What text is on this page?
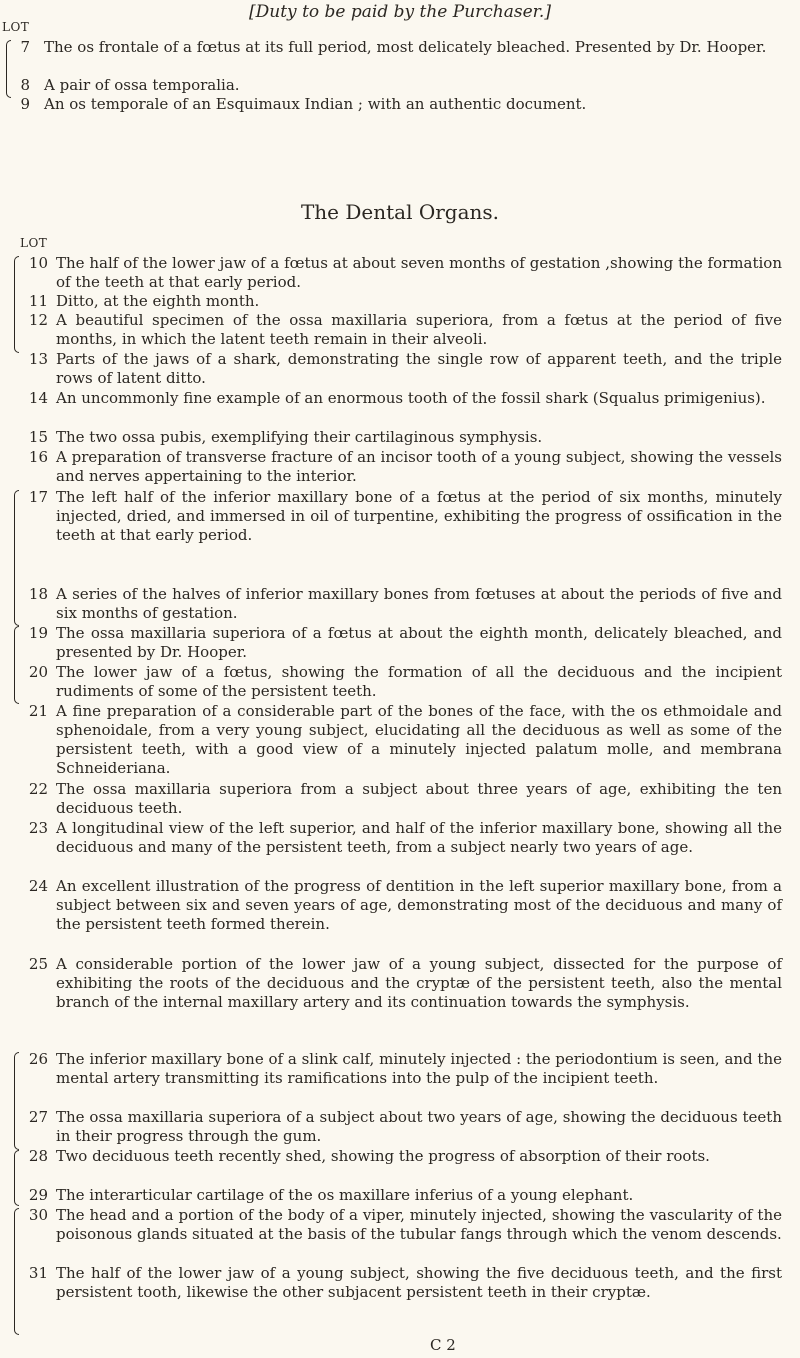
[Duty to be paid by the Purchaser.]
LOT
7 The os frontale of a fœtus at its full period, most delicately bleached. Presented by Dr. Hooper.
8 A pair of ossa temporalia.
9 An os temporale of an Esquimaux Indian ; with an authentic document.
The Dental Organs.
LOT
10 The half of the lower jaw of a fœtus at about seven months of gestation ,showing the formation of the teeth at that early period.
11 Ditto, at the eighth month.
12 A beautiful specimen of the ossa maxillaria superiora, from a fœtus at the period of five months, in which the latent teeth remain in their alveoli.
13 Parts of the jaws of a shark, demonstrating the single row of apparent teeth, and the triple rows of latent ditto.
14 An uncommonly fine example of an enormous tooth of the fossil shark (Squalus primigenius).
15 The two ossa pubis, exemplifying their cartilaginous symphysis.
16 A preparation of transverse fracture of an incisor tooth of a young subject, showing the vessels and nerves appertaining to the interior.
17 The left half of the inferior maxillary bone of a fœtus at the period of six months, minutely injected, dried, and immersed in oil of turpentine, exhibiting the progress of ossification in the teeth at that early period.
18 A series of the halves of inferior maxillary bones from fœtuses at about the periods of five and six months of gestation.
19 The ossa maxillaria superiora of a fœtus at about the eighth month, delicately bleached, and presented by Dr. Hooper.
20 The lower jaw of a fœtus, showing the formation of all the deciduous and the incipient rudiments of some of the persistent teeth.
21 A fine preparation of a considerable part of the bones of the face, with the os ethmoidale and sphenoidale, from a very young subject, elucidating all the deciduous as well as some of the persistent teeth, with a good view of a minutely injected palatum molle, and membrana Schneideriana.
22 The ossa maxillaria superiora from a subject about three years of age, exhibiting the ten deciduous teeth.
23 A longitudinal view of the left superior, and half of the inferior maxillary bone, showing all the deciduous and many of the persistent teeth, from a subject nearly two years of age.
24 An excellent illustration of the progress of dentition in the left superior maxillary bone, from a subject between six and seven years of age, demonstrating most of the deciduous and many of the persistent teeth formed therein.
25 A considerable portion of the lower jaw of a young subject, dissected for the purpose of exhibiting the roots of the deciduous and the cryptæ of the persistent teeth, also the mental branch of the internal maxillary artery and its continuation towards the symphysis.
26 The inferior maxillary bone of a slink calf, minutely injected : the periodontium is seen, and the mental artery transmitting its ramifications into the pulp of the incipient teeth.
27 The ossa maxillaria superiora of a subject about two years of age, showing the deciduous teeth in their progress through the gum.
28 Two deciduous teeth recently shed, showing the progress of absorption of their roots.
29 The interarticular cartilage of the os maxillare inferius of a young elephant.
30 The head and a portion of the body of a viper, minutely injected, showing the vascularity of the poisonous glands situated at the basis of the tubular fangs through which the venom descends.
31 The half of the lower jaw of a young subject, showing the five deciduous teeth, and the first persistent tooth, likewise the other subjacent persistent teeth in their cryptæ.
C 2
